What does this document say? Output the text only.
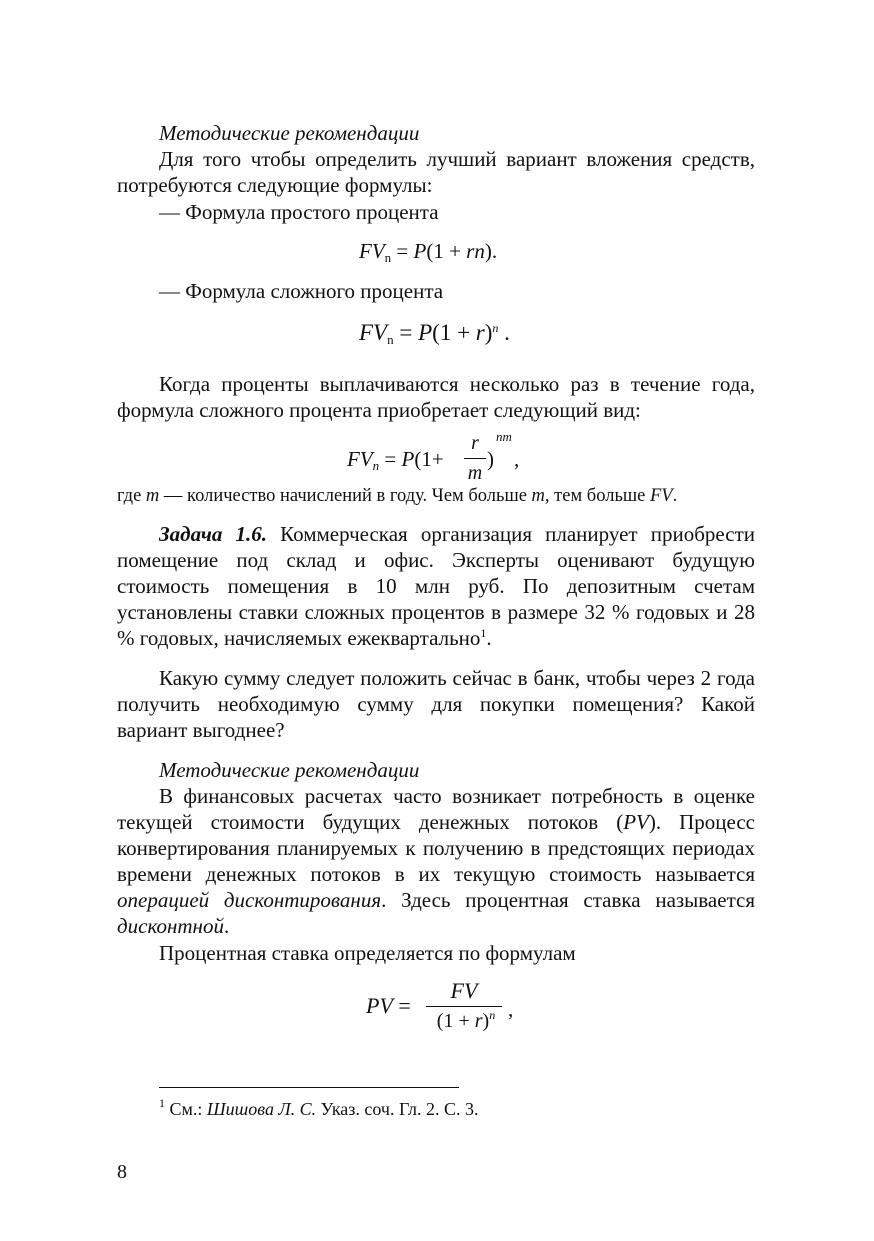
Методические рекомендации

Для того чтобы определить лучший вариант вложения средств, потребуются следующие формулы:

— Формула простого процента

$FV_n = P(1 + rn)$.

— Формула сложного процента

$FV_n = P(1 + r)^n$ .

Когда проценты выплачиваются несколько раз в течение года, формула сложного процента приобретает следующий вид:

$FV_n = P(1+$
r
m
)
nm
,

где m — количество начислений в году. Чем больше m, тем больше FV.

Задача 1.6. Коммерческая организация планирует приобрести помещение под склад и офис. Эксперты оценивают будущую стоимость помещения в 10 млн руб. По депозитным счетам установлены ставки сложных процентов в размере 32 % годовых и 28 % годовых, начисляемых ежеквартально$^1$.

Какую сумму следует положить сейчас в банк, чтобы через 2 года получить необходимую сумму для покупки помещения? Какой вариант выгоднее?

Методические рекомендации

В финансовых расчетах часто возникает потребность в оценке текущей стоимости будущих денежных потоков (PV). Процесс конвертирования планируемых к получению в предстоящих периодах времени денежных потоков в их текущую стоимость называется операцией дисконтирования. Здесь процентная ставка называется дисконтной.

Процентная ставка определяется по формулам

PV =
FV
$(1 + r)^n$ ,
$^1$ См.: Шишова Л. С. Указ. соч. Гл. 2. С. 3.
8
